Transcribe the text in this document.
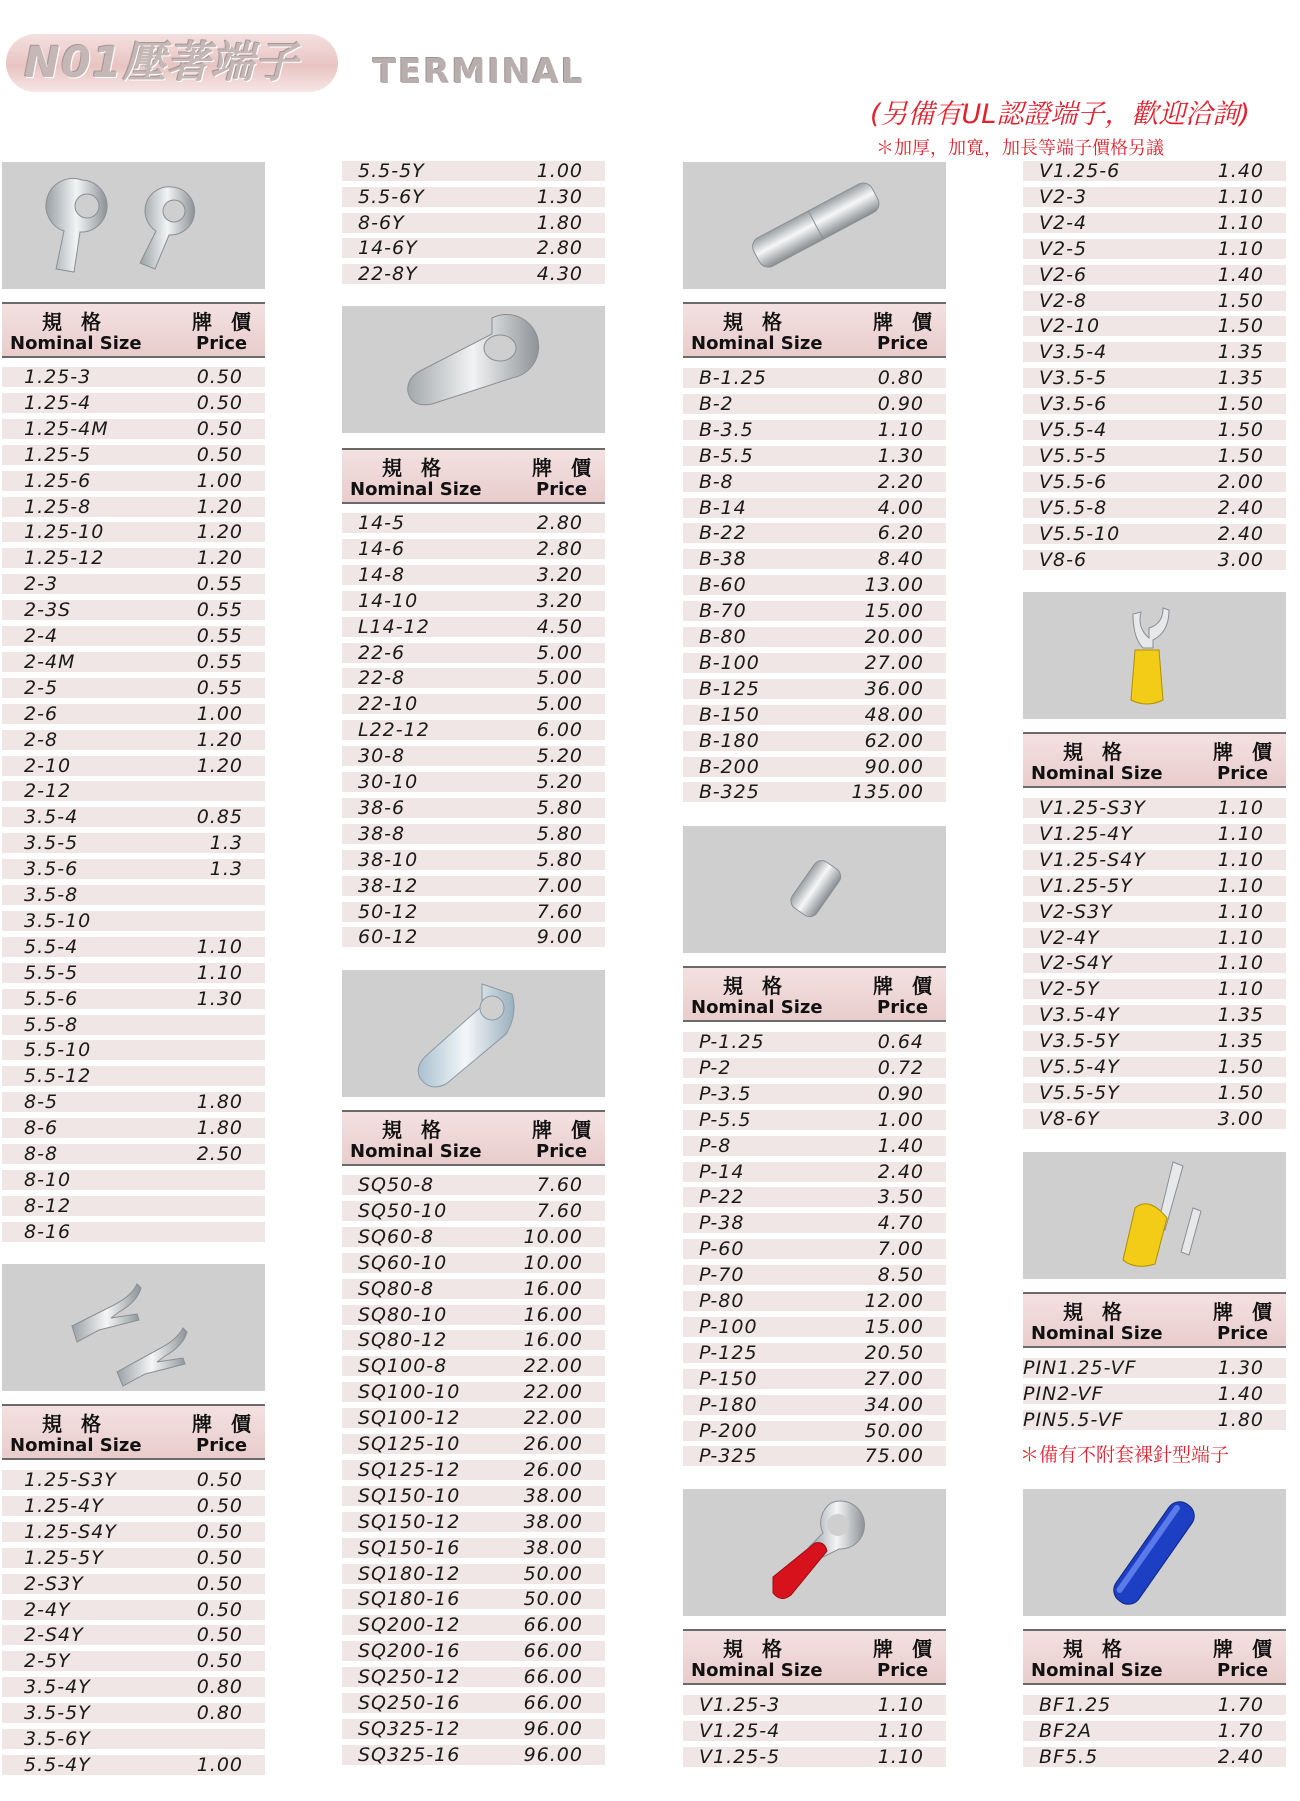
N01壓著端子 TERMINAL
(另備有UL認證端子，歡迎洽詢)
＊加厚，加寬，加長等端子價格另議
＊備有不附套裸針型端子
規 格
Nominal Size
牌 價
Price
1.25-3	0.50
1.25-4	0.50
1.25-4M	0.50
1.25-5	0.50
1.25-6	1.00
1.25-8	1.20
1.25-10	1.20
1.25-12	1.20
2-3	0.55
2-3S	0.55
2-4	0.55
2-4M	0.55
2-5	0.55
2-6	1.00
2-8	1.20
2-10	1.20
2-12
3.5-4	0.85
3.5-5	1.3
3.5-6	1.3
3.5-8
3.5-10
5.5-4	1.10
5.5-5	1.10
5.5-6	1.30
5.5-8
5.5-10
5.5-12
8-5	1.80
8-6	1.80
8-8	2.50
8-10
8-12
8-16
規 格
Nominal Size
牌 價
Price
1.25-S3Y	0.50
1.25-4Y	0.50
1.25-S4Y	0.50
1.25-5Y	0.50
2-S3Y	0.50
2-4Y	0.50
2-S4Y	0.50
2-5Y	0.50
3.5-4Y	0.80
3.5-5Y	0.80
3.5-6Y
5.5-4Y	1.00
5.5-5Y	1.00
5.5-6Y	1.30
8-6Y	1.80
14-6Y	2.80
22-8Y	4.30
規 格
Nominal Size
牌 價
Price
14-5	2.80
14-6	2.80
14-8	3.20
14-10	3.20
L14-12	4.50
22-6	5.00
22-8	5.00
22-10	5.00
L22-12	6.00
30-8	5.20
30-10	5.20
38-6	5.80
38-8	5.80
38-10	5.80
38-12	7.00
50-12	7.60
60-12	9.00
規 格
Nominal Size
牌 價
Price
SQ50-8	7.60
SQ50-10	7.60
SQ60-8	10.00
SQ60-10	10.00
SQ80-8	16.00
SQ80-10	16.00
SQ80-12	16.00
SQ100-8	22.00
SQ100-10	22.00
SQ100-12	22.00
SQ125-10	26.00
SQ125-12	26.00
SQ150-10	38.00
SQ150-12	38.00
SQ150-16	38.00
SQ180-12	50.00
SQ180-16	50.00
SQ200-12	66.00
SQ200-16	66.00
SQ250-12	66.00
SQ250-16	66.00
SQ325-12	96.00
SQ325-16	96.00
規 格
Nominal Size
牌 價
Price
B-1.25	0.80
B-2	0.90
B-3.5	1.10
B-5.5	1.30
B-8	2.20
B-14	4.00
B-22	6.20
B-38	8.40
B-60	13.00
B-70	15.00
B-80	20.00
B-100	27.00
B-125	36.00
B-150	48.00
B-180	62.00
B-200	90.00
B-325	135.00
規 格
Nominal Size
牌 價
Price
P-1.25	0.64
P-2	0.72
P-3.5	0.90
P-5.5	1.00
P-8	1.40
P-14	2.40
P-22	3.50
P-38	4.70
P-60	7.00
P-70	8.50
P-80	12.00
P-100	15.00
P-125	20.50
P-150	27.00
P-180	34.00
P-200	50.00
P-325	75.00
規 格
Nominal Size
牌 價
Price
V1.25-3	1.10
V1.25-4	1.10
V1.25-5	1.10
V1.25-6	1.40
V2-3	1.10
V2-4	1.10
V2-5	1.10
V2-6	1.40
V2-8	1.50
V2-10	1.50
V3.5-4	1.35
V3.5-5	1.35
V3.5-6	1.50
V5.5-4	1.50
V5.5-5	1.50
V5.5-6	2.00
V5.5-8	2.40
V5.5-10	2.40
V8-6	3.00
規 格
Nominal Size
牌 價
Price
V1.25-S3Y	1.10
V1.25-4Y	1.10
V1.25-S4Y	1.10
V1.25-5Y	1.10
V2-S3Y	1.10
V2-4Y	1.10
V2-S4Y	1.10
V2-5Y	1.10
V3.5-4Y	1.35
V3.5-5Y	1.35
V5.5-4Y	1.50
V5.5-5Y	1.50
V8-6Y	3.00
規 格
Nominal Size
牌 價
Price
PIN1.25-VF	1.30
PIN2-VF	1.40
PIN5.5-VF	1.80
規 格
Nominal Size
牌 價
Price
BF1.25	1.70
BF2A	1.70
BF5.5	2.40
